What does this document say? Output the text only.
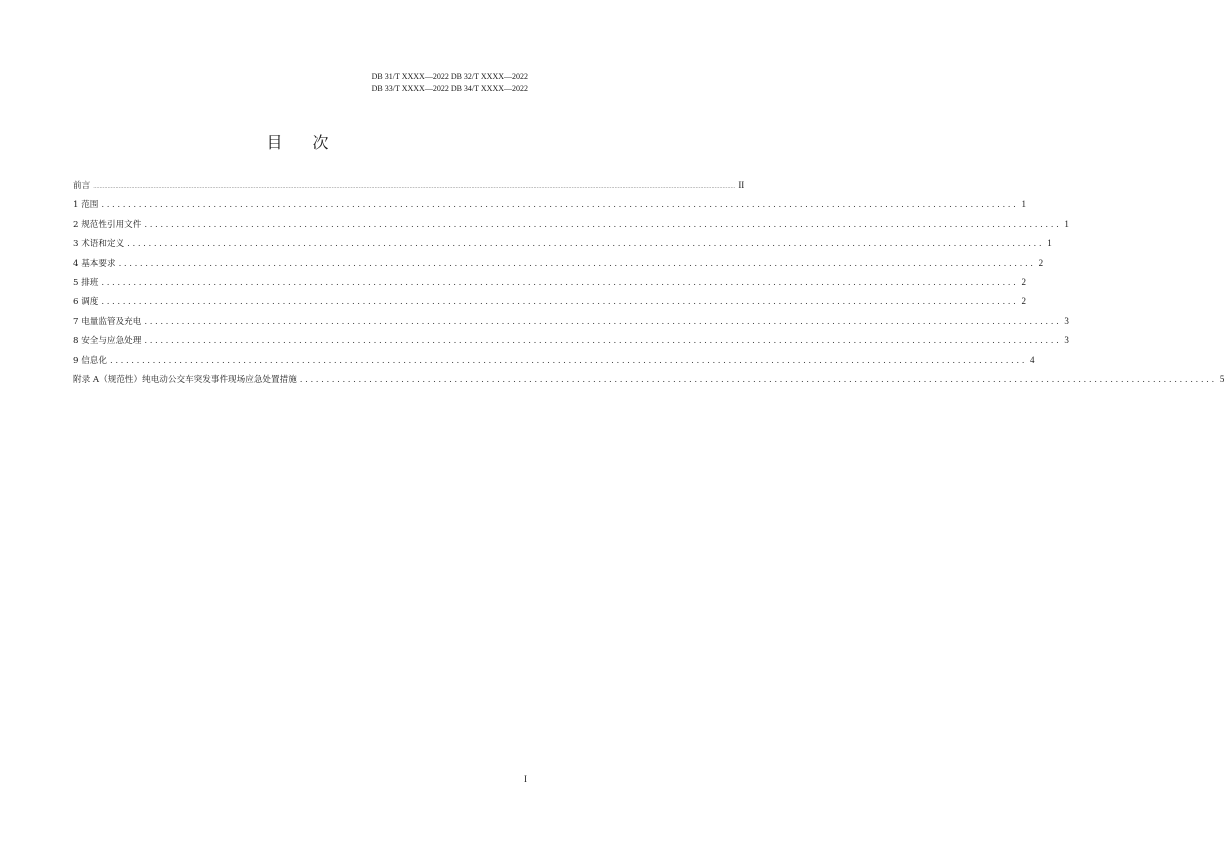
DB 31/T XXXX—2022 DB 32/T XXXX—2022
DB 33/T XXXX—2022 DB 34/T XXXX—2022
目次
前言 .................................................................................................................................................................................................................................................................................................................................................................................................................... II
1 范围 ............................................................................................................................................................................ 1
2 规范性引用文件 ............................................................................................................................................................................ 1
3 术语和定义 ............................................................................................................................................................................ 1
4 基本要求 ............................................................................................................................................................................ 2
5 排班 ............................................................................................................................................................................ 2
6 调度 ............................................................................................................................................................................ 2
7 电量监管及充电 ............................................................................................................................................................................ 3
8 安全与应急处理 ............................................................................................................................................................................ 3
9 信息化 ............................................................................................................................................................................ 4
附录 A（规范性）纯电动公交车突发事件现场应急处置措施 ............................................................................................................................................................................ 5
I
